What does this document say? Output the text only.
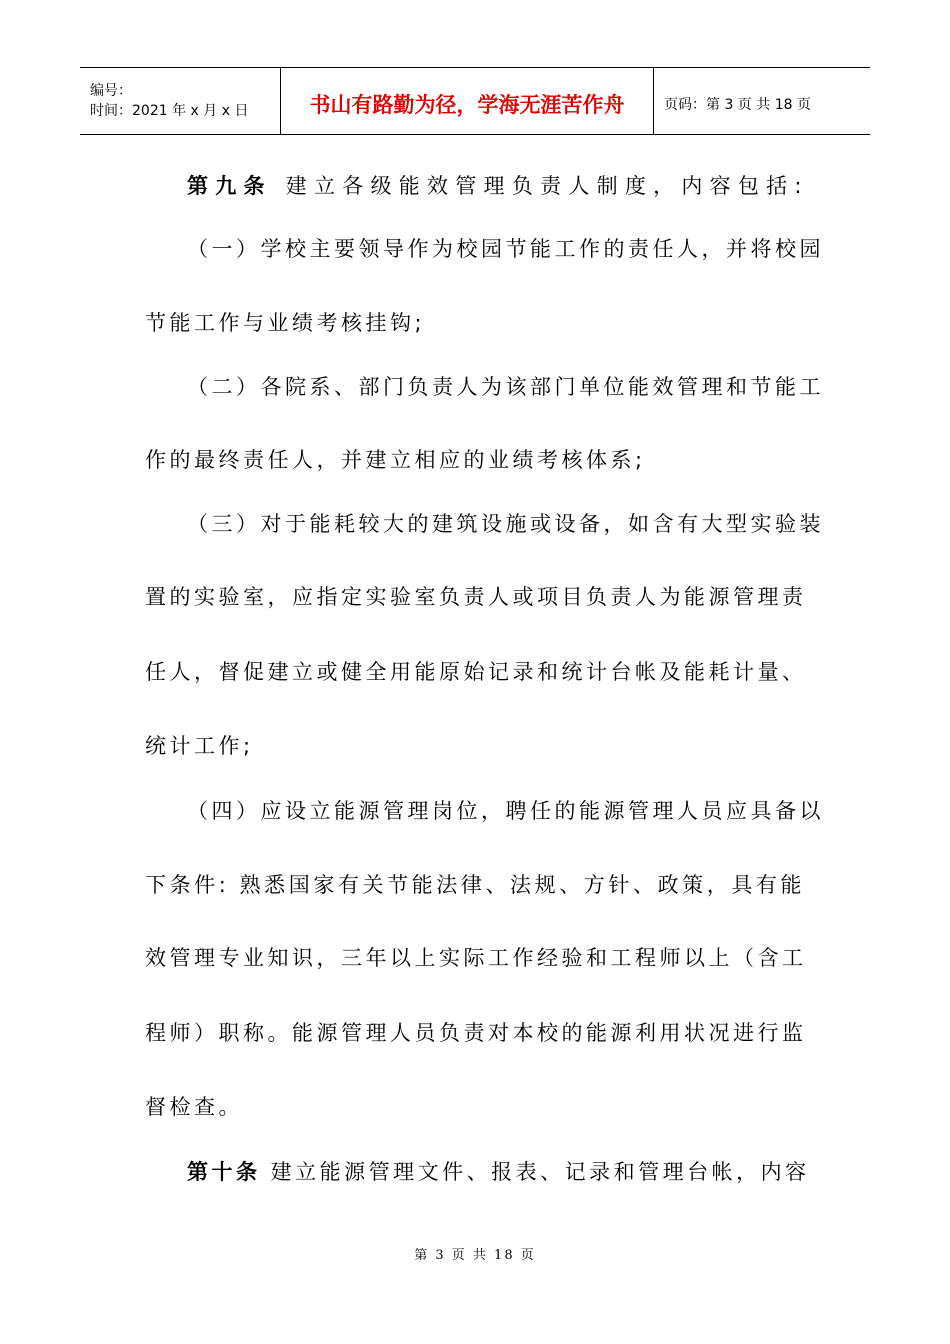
编号：
时间：2021 年 x 月 x 日	书山有路勤为径，学海无涯苦作舟	页码：第 3 页 共 18 页
第九条 建立各级能效管理负责人制度，内容包括:
（一）学校主要领导作为校园节能工作的责任人，并将校园
节能工作与业绩考核挂钩;
（二）各院系、部门负责人为该部门单位能效管理和节能工
作的最终责任人，并建立相应的业绩考核体系;
（三）对于能耗较大的建筑设施或设备，如含有大型实验装
置的实验室，应指定实验室负责人或项目负责人为能源管理责
任人，督促建立或健全用能原始记录和统计台帐及能耗计量、
统计工作;
（四）应设立能源管理岗位，聘任的能源管理人员应具备以
下条件: 熟悉国家有关节能法律、法规、方针、政策，具有能
效管理专业知识，三年以上实际工作经验和工程师以上（含工
程师）职称。能源管理人员负责对本校的能源利用状况进行监
督检查。
第十条 建立能源管理文件、报表、记录和管理台帐，内容
第 3 页 共 18 页
